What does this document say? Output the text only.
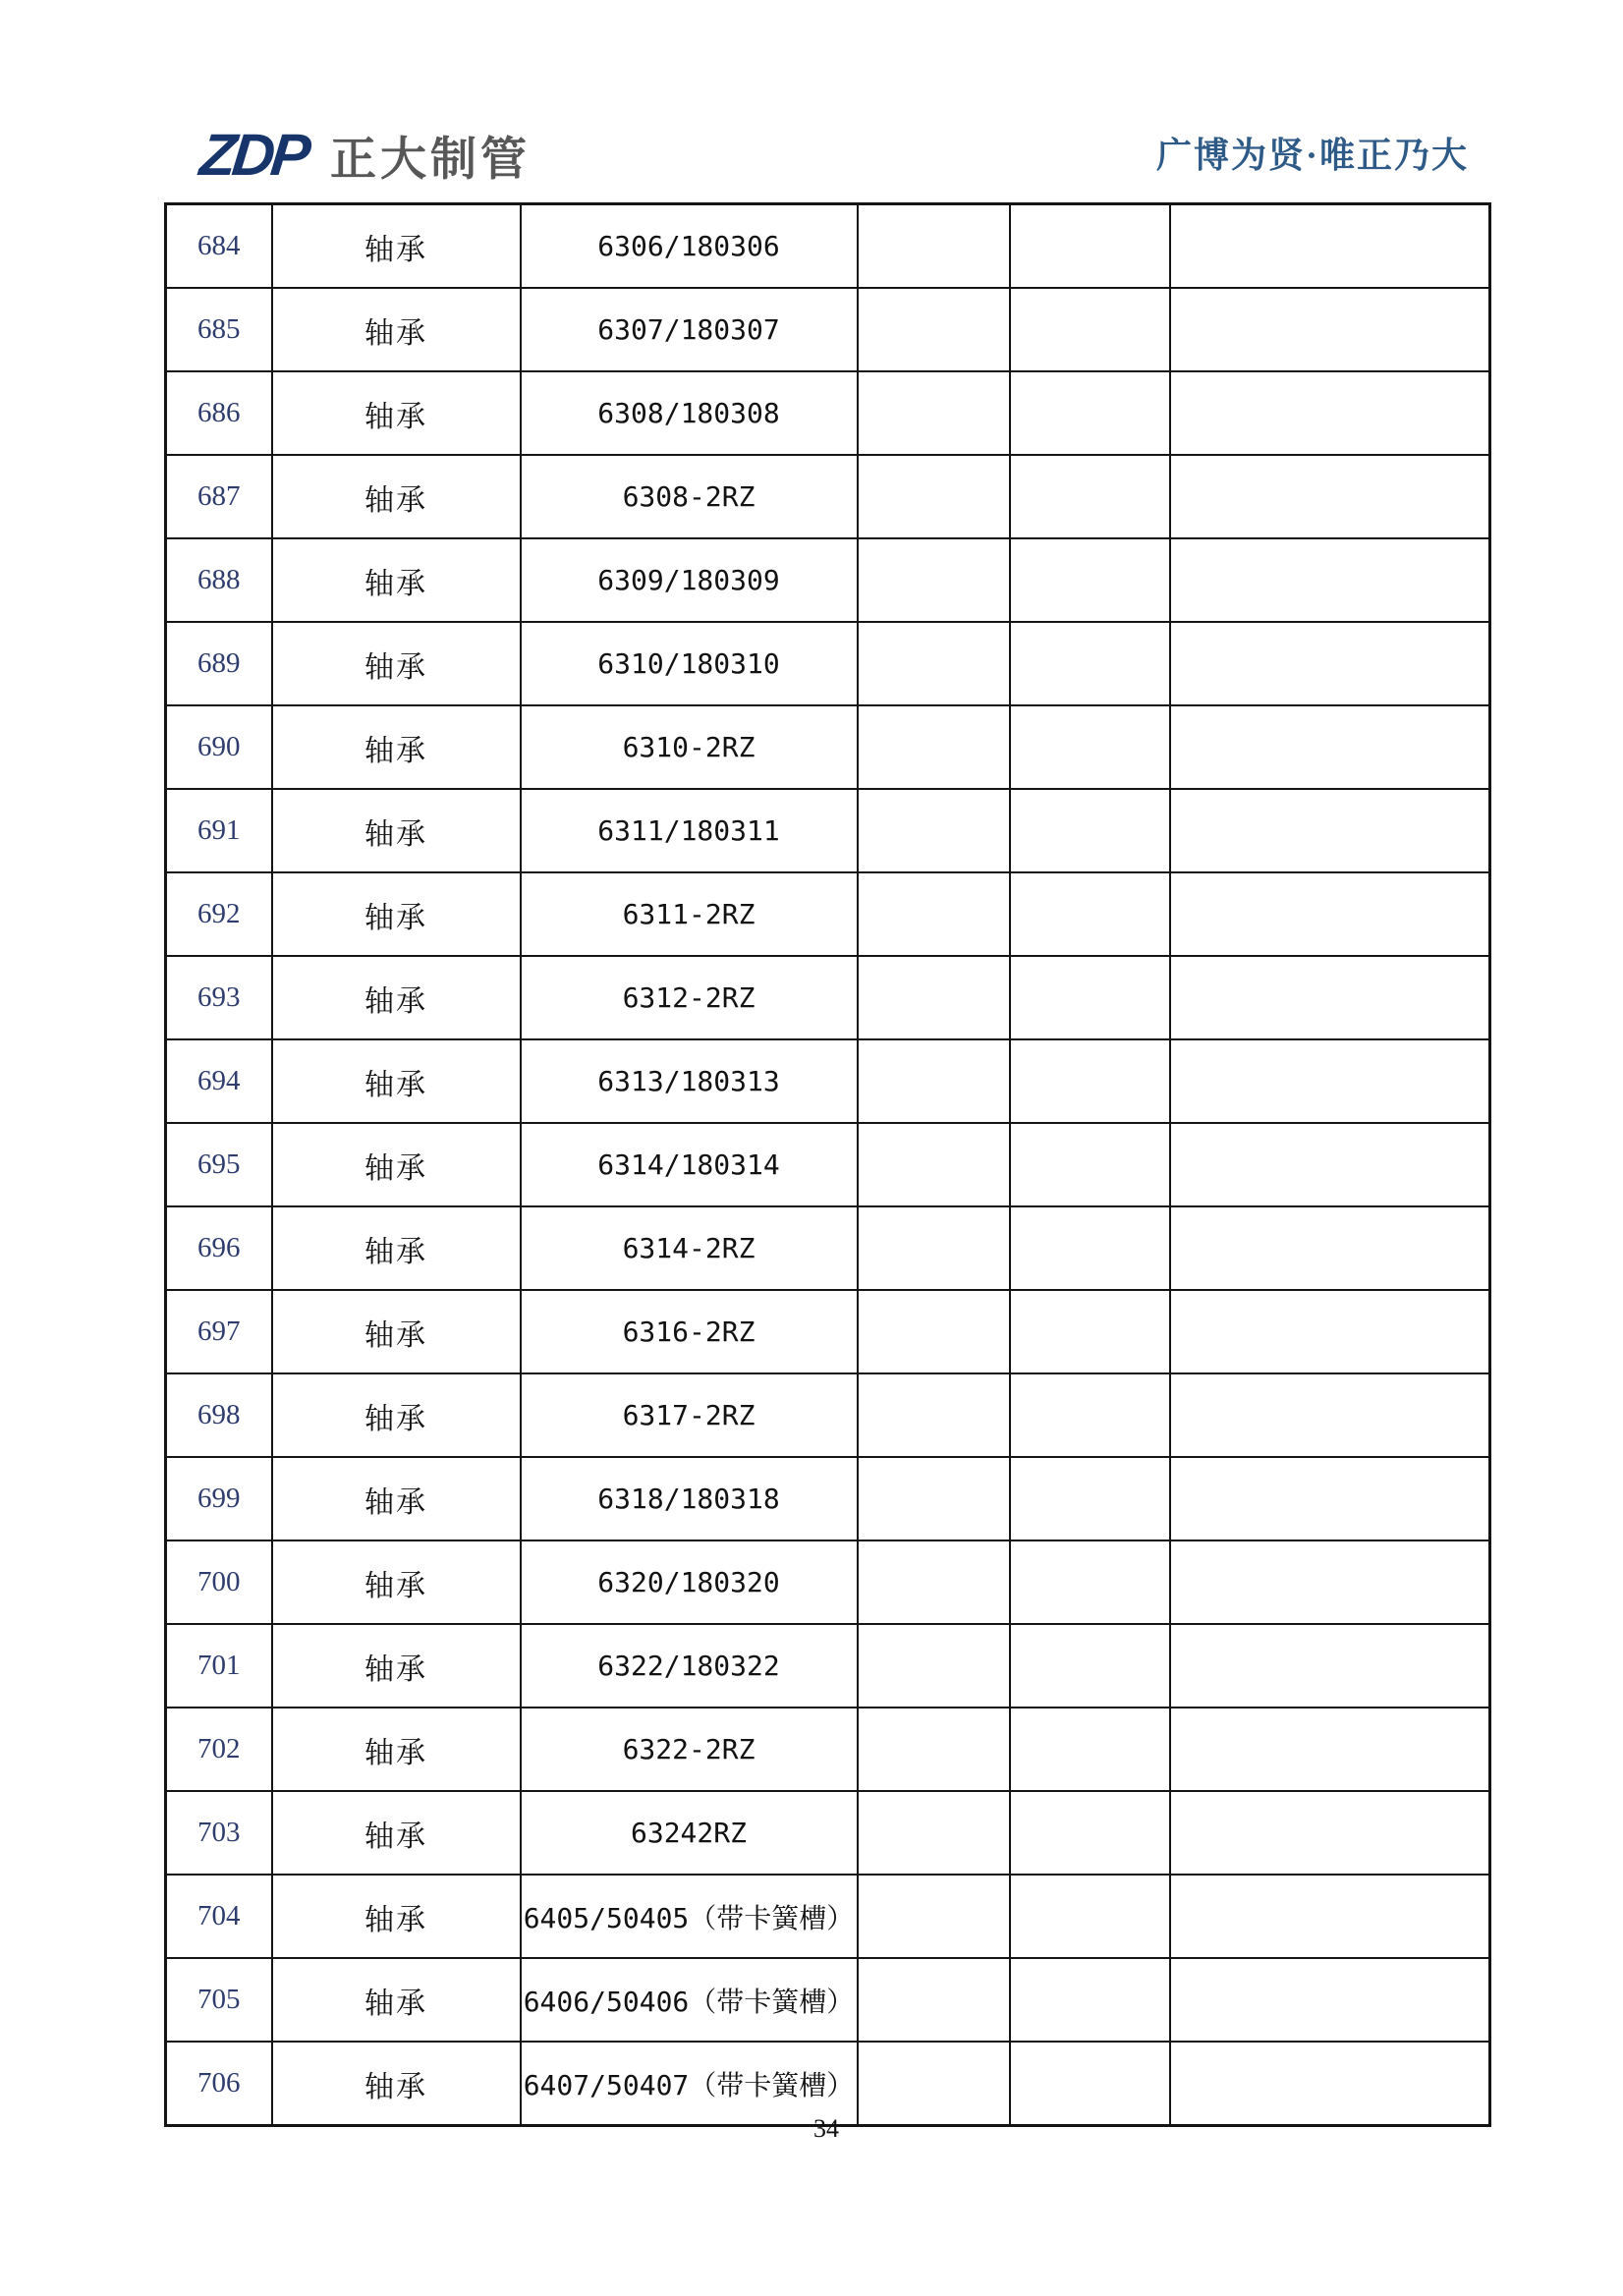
ZDP 正大制管	广博为贤·唯正乃大
684	轴承	6306/180306			
685	轴承	6307/180307			
686	轴承	6308/180308			
687	轴承	6308-2RZ			
688	轴承	6309/180309			
689	轴承	6310/180310			
690	轴承	6310-2RZ			
691	轴承	6311/180311			
692	轴承	6311-2RZ			
693	轴承	6312-2RZ			
694	轴承	6313/180313			
695	轴承	6314/180314			
696	轴承	6314-2RZ			
697	轴承	6316-2RZ			
698	轴承	6317-2RZ			
699	轴承	6318/180318			
700	轴承	6320/180320			
701	轴承	6322/180322			
702	轴承	6322-2RZ			
703	轴承	63242RZ			
704	轴承	6405/50405（带卡簧槽）			
705	轴承	6406/50406（带卡簧槽）			
706	轴承	6407/50407（带卡簧槽）			
34
